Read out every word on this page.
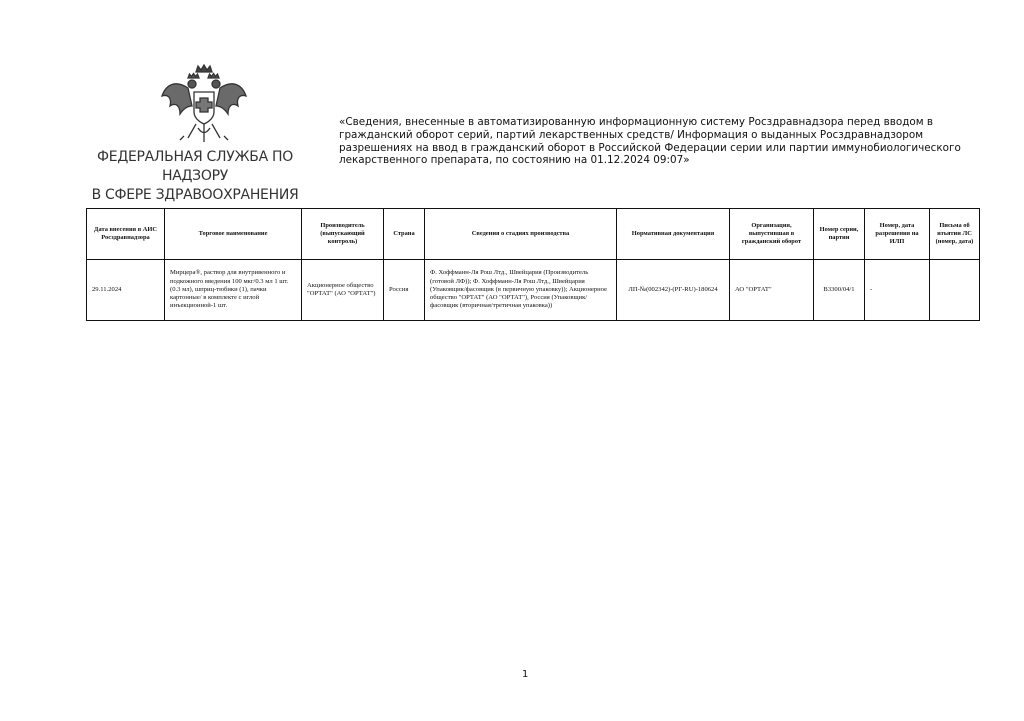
ФЕДЕРАЛЬНАЯ СЛУЖБА ПО НАДЗОРУ
В СФЕРЕ ЗДРАВООХРАНЕНИЯ
«Сведения, внесенные в автоматизированную информационную систему Росздравнадзора перед вводом в гражданский оборот серий, партий лекарственных средств/ Информация о выданных Росздравнадзором разрешениях на ввод в гражданский оборот в Российской Федерации серии или партии иммунобиологического лекарственного препарата, по состоянию на 01.12.2024 09:07»
Дата внесения в АИС Росздравнадзора	Торговое наименование	Производитель (выпускающий контроль)	Страна	Сведения о стадиях производства	Нормативная документация	Организация, выпустившая в гражданский оборот	Номер серии, партии	Номер, дата разрешения на ИЛП	Письма об изъятии ЛС (номер, дата)
29.11.2024	Мирцера®, раствор для внутривенного и подкожного введения 100 мкг/0.3 мл 1 шт. (0.3 мл), шприц-тюбики (1), пачки картонные/ в комплекте с иглой инъекционной-1 шт.	Акционерное общество "ОРТАТ" (АО "ОРТАТ")	Россия	Ф. Хоффманн-Ля Рош Лтд., Швейцария (Производитель (готовой ЛФ)); Ф. Хоффманн-Ля Рош Лтд., Швейцария (Упаковщик/фасовщик (в первичную упаковку)); Акционерное общество "ОРТАТ" (АО "ОРТАТ"), Россия (Упаковщик/фасовщик (вторичная/третичная упаковка))	ЛП-№(002342)-(РГ-RU)-180624	АО "ОРТАТ"	B3300/04/1	-	
1
